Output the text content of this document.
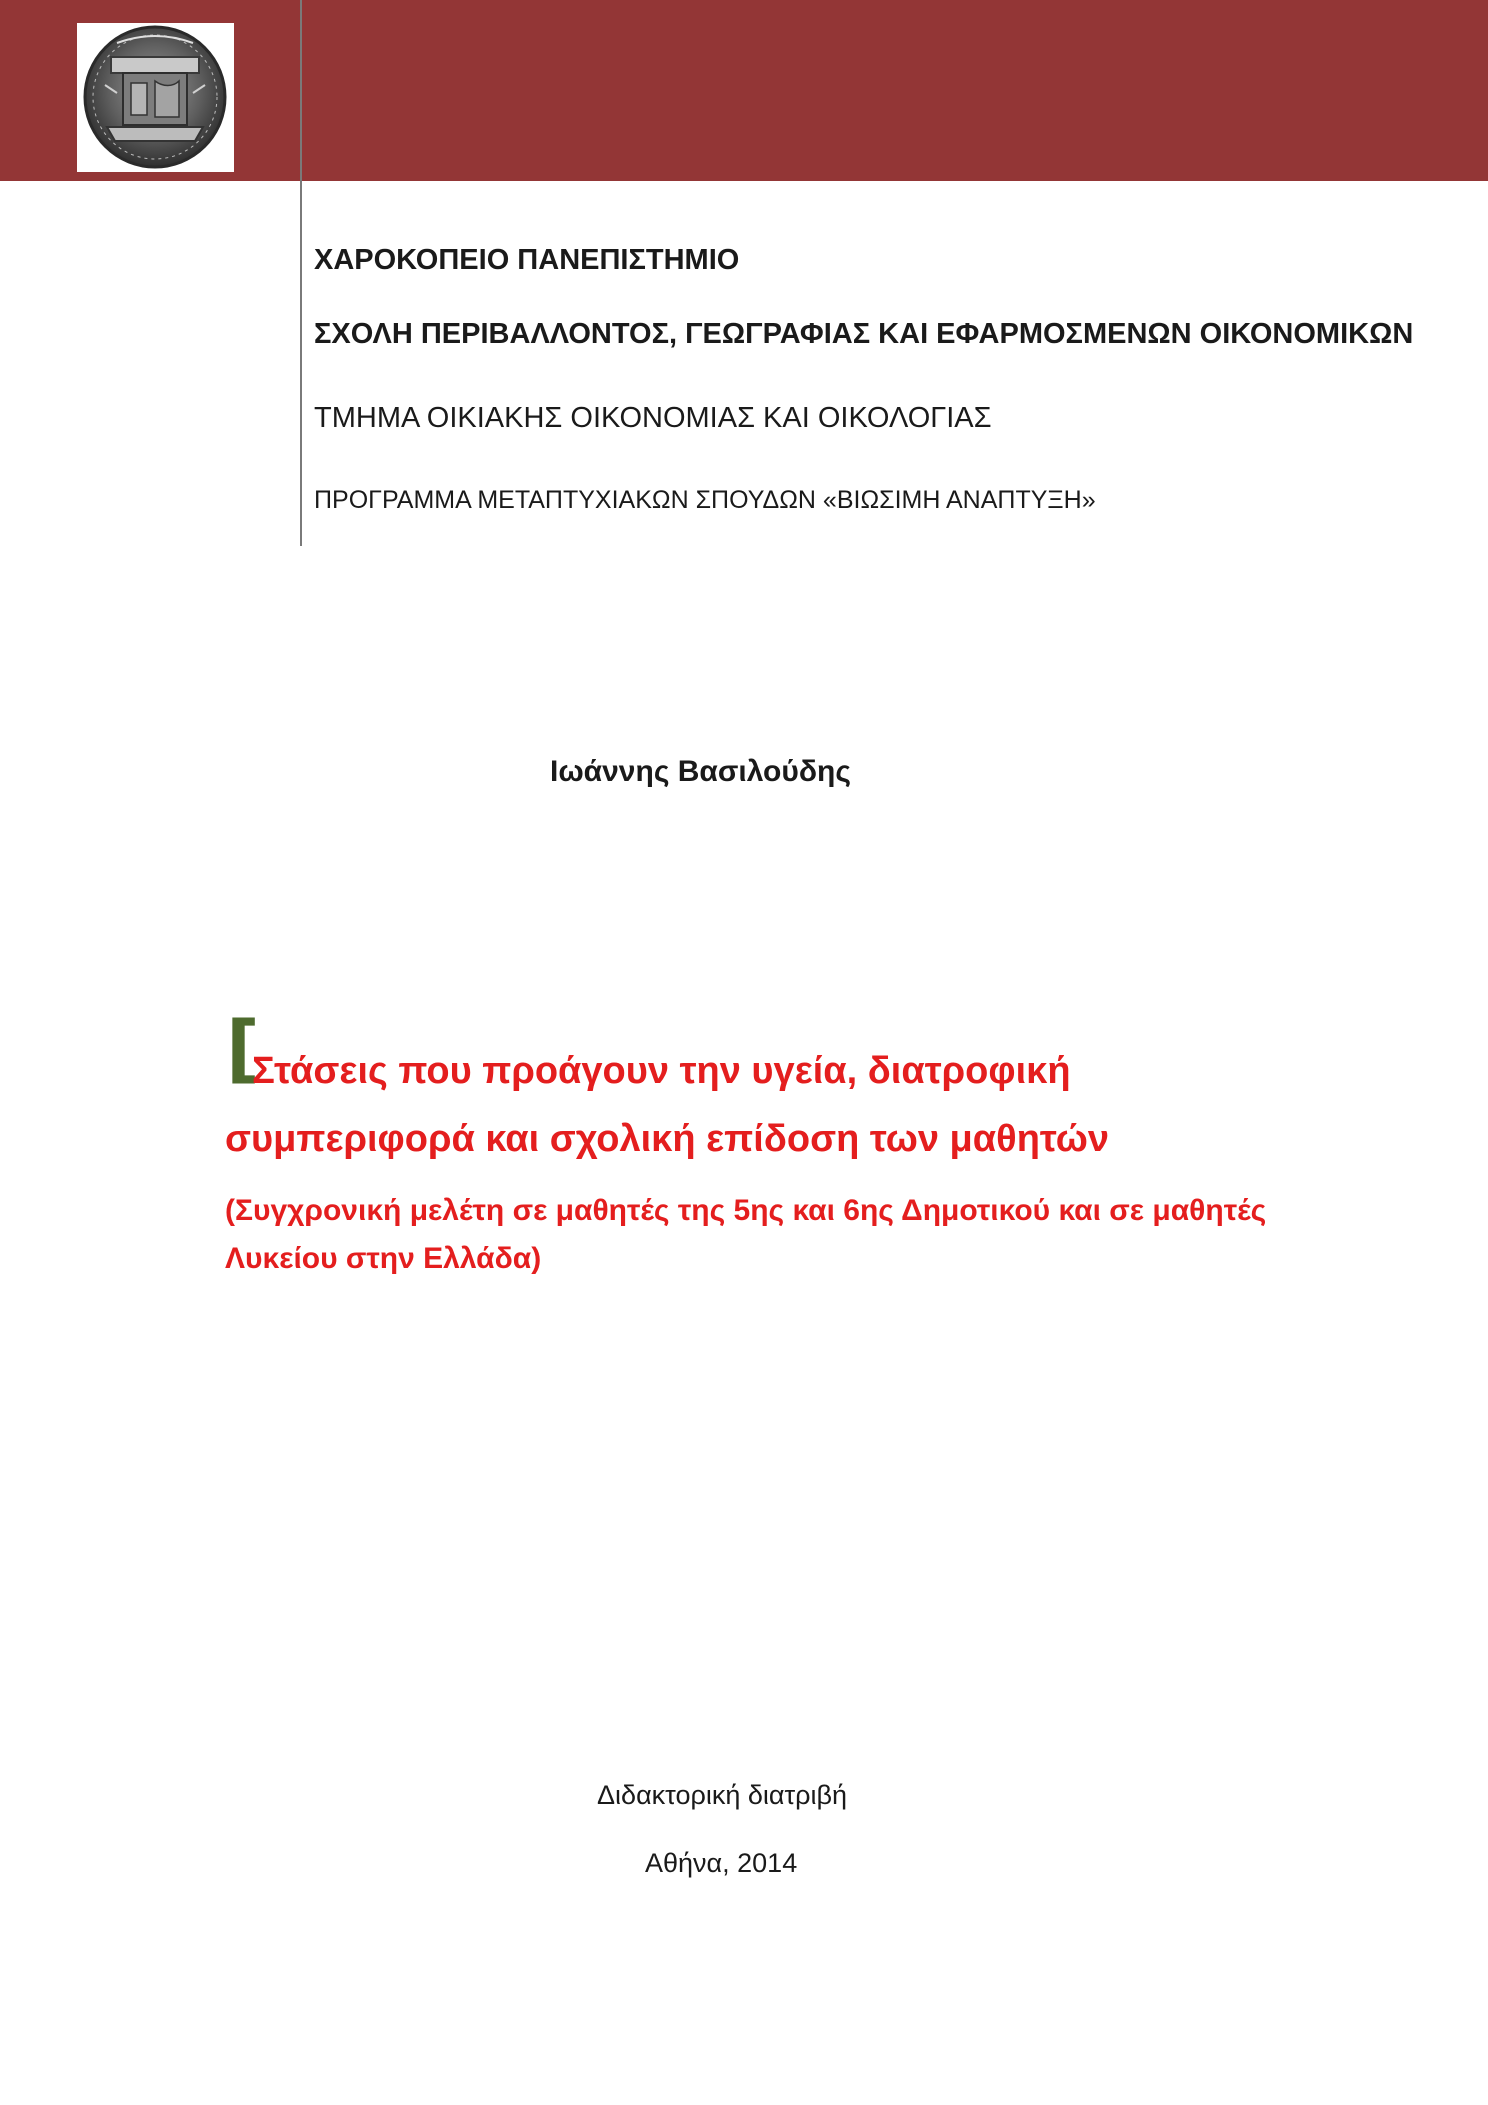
ΧΑΡΟΚΟΠΕΙΟ ΠΑΝΕΠΙΣΤΗΜΙΟ

ΣΧΟΛΗ ΠΕΡΙΒΑΛΛΟΝΤΟΣ, ΓΕΩΓΡΑΦΙΑΣ ΚΑΙ ΕΦΑΡΜΟΣΜΕΝΩΝ ΟΙΚΟΝΟΜΙΚΩΝ

ΤΜΗΜΑ ΟΙΚΙΑΚΗΣ ΟΙΚΟΝΟΜΙΑΣ ΚΑΙ ΟΙΚΟΛΟΓΙΑΣ

ΠΡΟΓΡΑΜΜΑ ΜΕΤΑΠΤΥΧΙΑΚΩΝ ΣΠΟΥΔΩΝ «ΒΙΩΣΙΜΗ ΑΝΑΠΤΥΞΗ»

Ιωάννης Βασιλούδης

[

Στάσεις που προάγουν την υγεία, διατροφική

συμπεριφορά και σχολική επίδοση των μαθητών

(Συγχρονική μελέτη σε μαθητές της 5ης και 6ης Δημοτικού και σε μαθητές

Λυκείου στην Ελλάδα)

Διδακτορική διατριβή

Αθήνα, 2014
